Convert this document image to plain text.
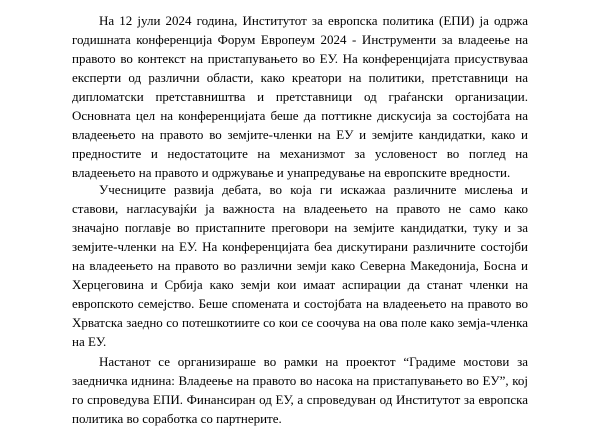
На 12 јули 2024 година, Институтот за европска политика (ЕПИ) ја одржа годишната конференција Форум Европеум 2024 - Инструменти за владеење на правото во контекст на пристапувањето во ЕУ. На конференцијата присуствуваа експерти од различни области, како креатори на политики, претставници на дипломатски претставништва и претставници од граѓански организации. Основната цел на конференцијата беше да поттикне дискусија за состојбата на владеењето на правото во земјите-членки на ЕУ и земјите кандидатки, како и предностите и недостатоците на механизмот за условеност во поглед на владеењето на правото и одржување и унапредување на европските вредности.

Учесниците развија дебата, во која ги искажаа различните мислења и ставови, нагласувајќи ја важноста на владеењето на правото не само како значајно поглавје во пристапните преговори на земјите кандидатки, туку и за земјите-членки на ЕУ. На конференцијата беа дискутирани различните состојби на владеењето на правото во различни земји како Северна Македонија, Босна и Херцеговина и Србија како земји кои имаат аспирации да станат членки на европското семејство. Беше спомената и состојбата на владеењето на правото во Хрватска заедно со потешкотиите со кои се соочува на ова поле како земја-членка на ЕУ.

Настанот се организираше во рамки на проектот “Градиме мостови за заедничка иднина: Владеење на правото во насока на пристапувањето во ЕУ”, кој го спроведува ЕПИ. Финансиран од ЕУ, а спроведуван од Институтот за европска политика во соработка со партнерите.
